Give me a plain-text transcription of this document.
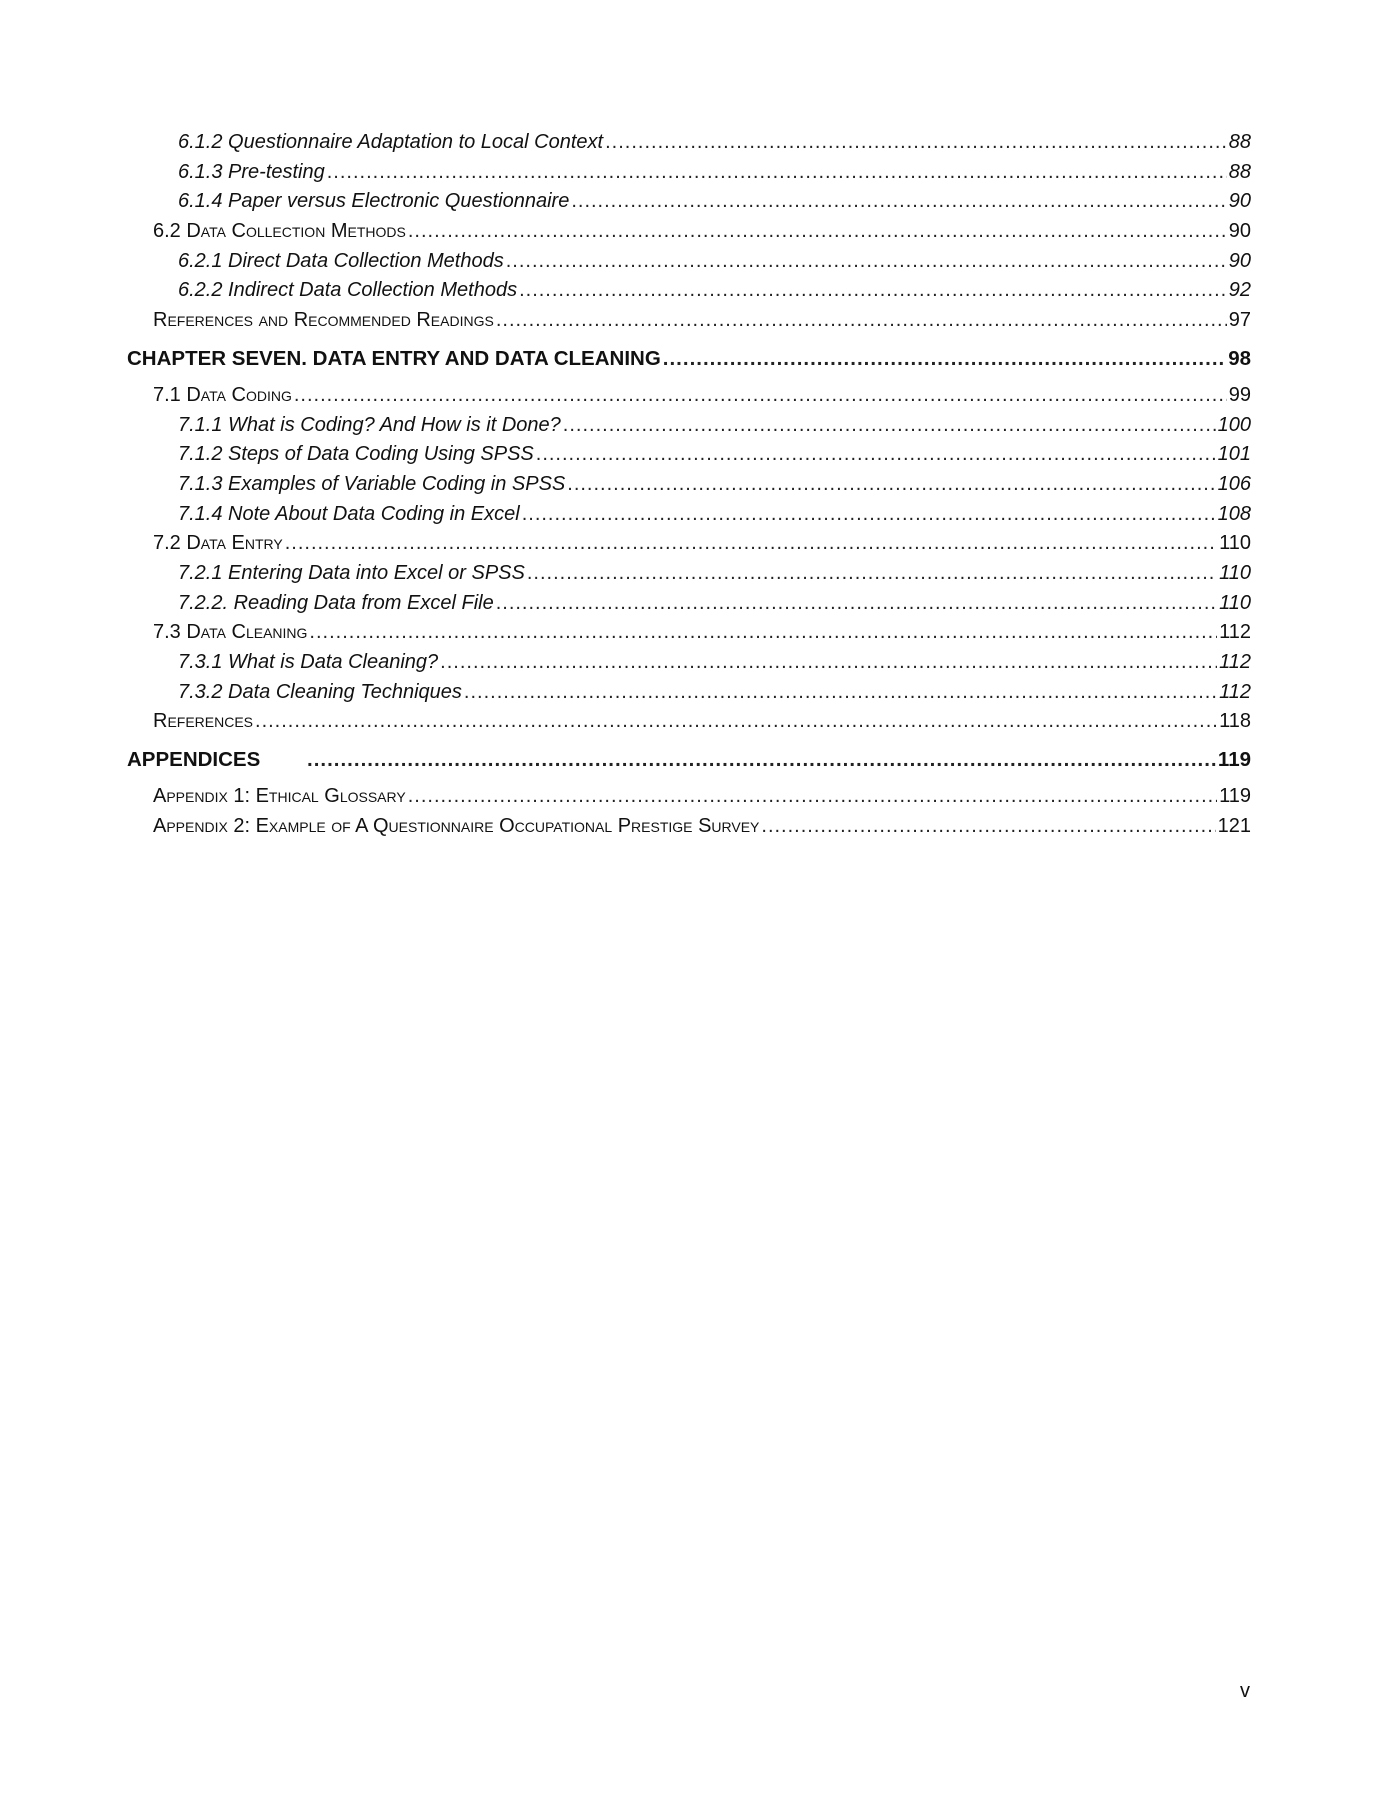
6.1.2 Questionnaire Adaptation to Local Context .....	88
6.1.3 Pre-testing .....	88
6.1.4 Paper versus Electronic Questionnaire .....	90
6.2 Data Collection Methods .....	90
6.2.1 Direct Data Collection Methods .....	90
6.2.2 Indirect Data Collection Methods .....	92
References and Recommended Readings .....	97
CHAPTER SEVEN. DATA ENTRY AND DATA CLEANING .....	98
7.1 Data Coding .....	99
7.1.1 What is Coding? And How is it Done? .....	100
7.1.2 Steps of Data Coding Using SPSS .....	101
7.1.3 Examples of Variable Coding in SPSS .....	106
7.1.4 Note About Data Coding in Excel .....	108
7.2 Data Entry .....	110
7.2.1 Entering Data into Excel or SPSS .....	110
7.2.2. Reading Data from Excel File .....	110
7.3 Data Cleaning .....	112
7.3.1 What is Data Cleaning? .....	112
7.3.2 Data Cleaning Techniques .....	112
References .....	118
APPENDICES .....	119
Appendix 1: Ethical Glossary .....	119
Appendix 2: Example of A Questionnaire Occupational Prestige Survey .....	121
v
